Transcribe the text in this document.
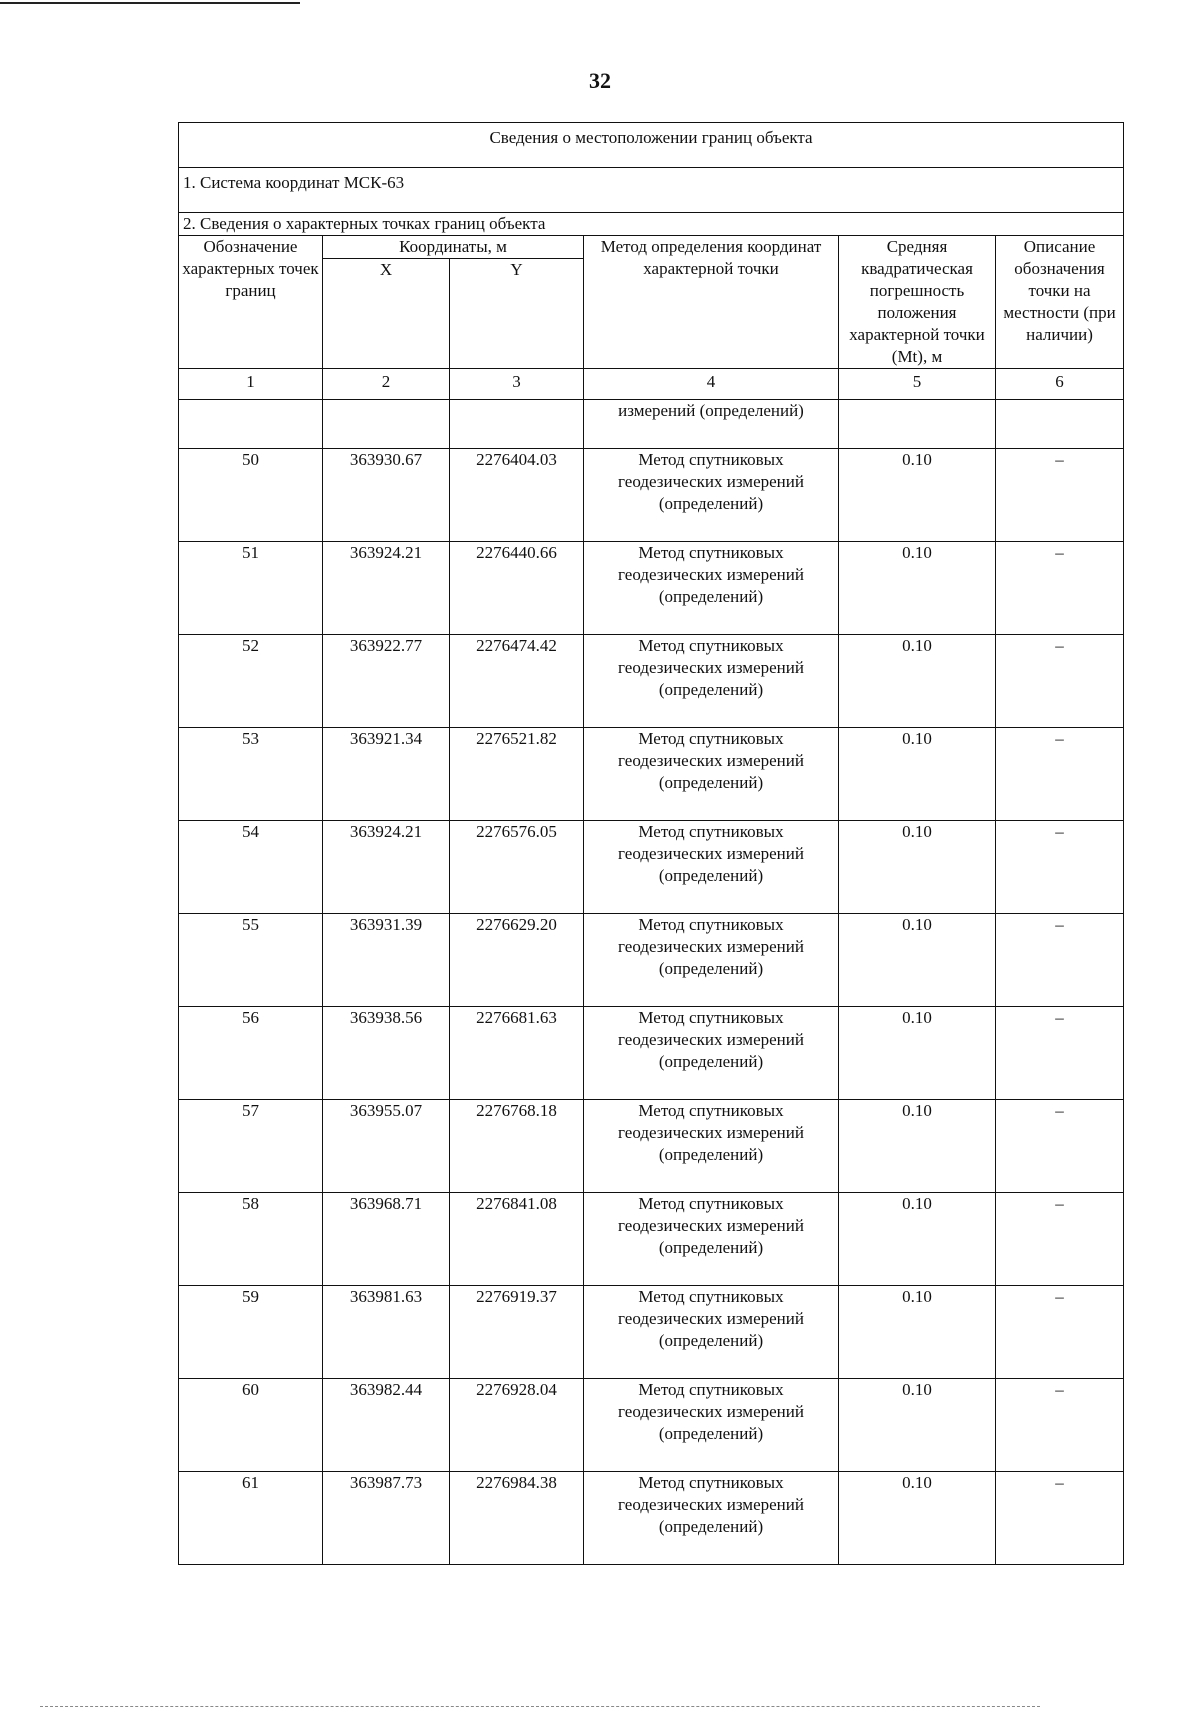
32
Сведения о местоположении границ объекта					
1. Система координат МСК-63					
2. Сведения о характерных точках границ объекта					
Обозначение характерных точек границ	Координаты, м		Метод определения координат характерной точки	Средняя квадратическая погрешность положения характерной точки (Mt), м	Описание обозначения точки на местности (при наличии)
	X	Y			

1	2	3	4	5	6
			измерений (определений)		
50	363930.67	2276404.03	Метод спутниковых геодезических измерений (определений)	0.10	–
51	363924.21	2276440.66	Метод спутниковых геодезических измерений (определений)	0.10	–
52	363922.77	2276474.42	Метод спутниковых геодезических измерений (определений)	0.10	–
53	363921.34	2276521.82	Метод спутниковых геодезических измерений (определений)	0.10	–
54	363924.21	2276576.05	Метод спутниковых геодезических измерений (определений)	0.10	–
55	363931.39	2276629.20	Метод спутниковых геодезических измерений (определений)	0.10	–
56	363938.56	2276681.63	Метод спутниковых геодезических измерений (определений)	0.10	–
57	363955.07	2276768.18	Метод спутниковых геодезических измерений (определений)	0.10	–
58	363968.71	2276841.08	Метод спутниковых геодезических измерений (определений)	0.10	–
59	363981.63	2276919.37	Метод спутниковых геодезических измерений (определений)	0.10	–
60	363982.44	2276928.04	Метод спутниковых геодезических измерений (определений)	0.10	–
61	363987.73	2276984.38	Метод спутниковых геодезических измерений (определений)	0.10	–
